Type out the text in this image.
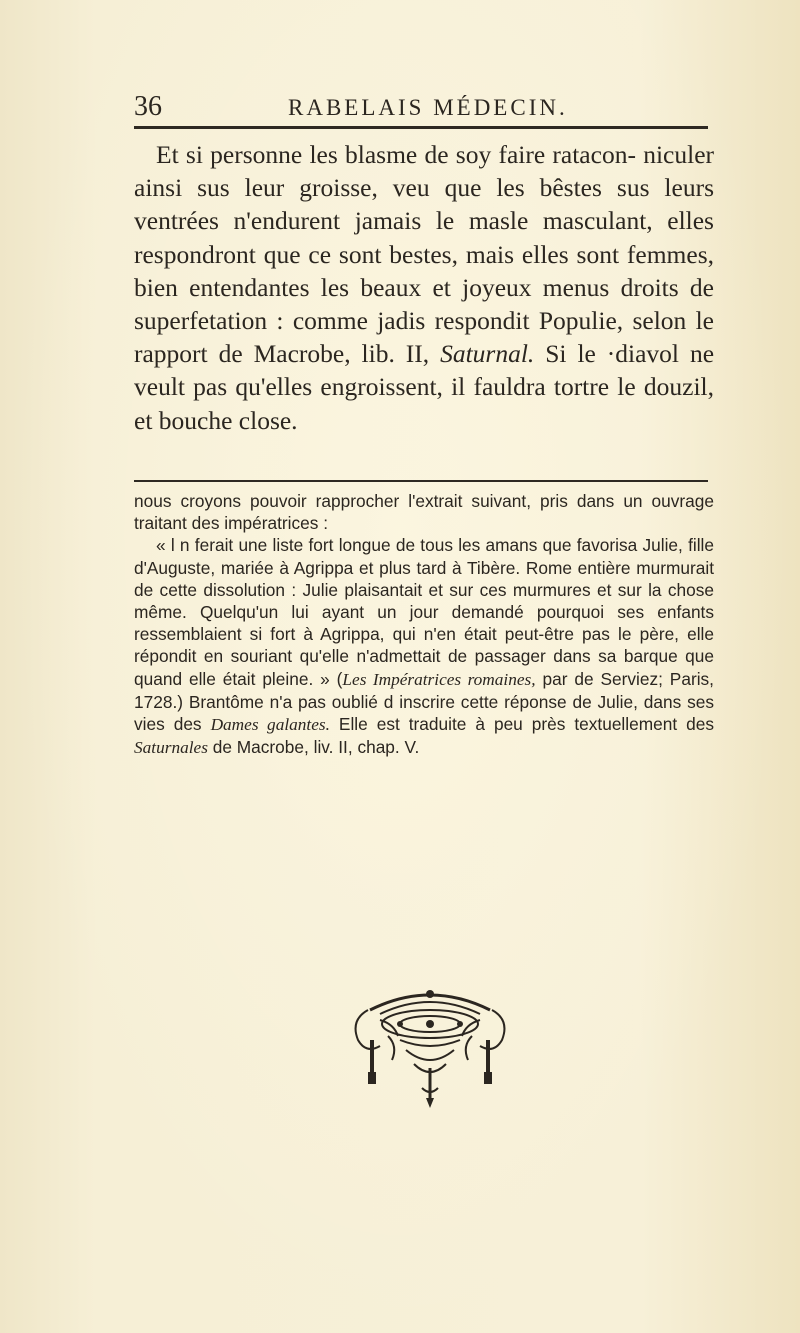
36	RABELAIS MÉDECIN.

Et si personne les blasme de soy faire ratacon- niculer ainsi sus leur groisse, veu que les bêstes sus leurs ventrées n'endurent jamais le masle masculant, elles respondront que ce sont bestes, mais elles sont femmes, bien entendantes les beaux et joyeux menus droits de superfetation : comme jadis respondit Populie, selon le rapport de Macrobe, lib. II, Saturnal. Si le ·diavol ne veult pas qu'elles engroissent, il fauldra tortre le douzil, et bouche close.

nous croyons pouvoir rapprocher l'extrait suivant, pris dans un ouvrage traitant des impératrices :

« l n ferait une liste fort longue de tous les amans que favorisa Julie, fille d'Auguste, mariée à Agrippa et plus tard à Tibère. Rome entière murmurait de cette dissolution : Julie plaisantait et sur ces murmures et sur la chose même. Quelqu'un lui ayant un jour demandé pourquoi ses enfants ressemblaient si fort à Agrippa, qui n'en était peut-être pas le père, elle répondit en souriant qu'elle n'admettait de passager dans sa barque que quand elle était pleine. » (Les Impératrices romaines, par de Serviez; Paris, 1728.) Brantôme n'a pas oublié d inscrire cette réponse de Julie, dans ses vies des Dames galantes. Elle est traduite à peu près textuellement des Saturnales de Macrobe, liv. II, chap. V.
